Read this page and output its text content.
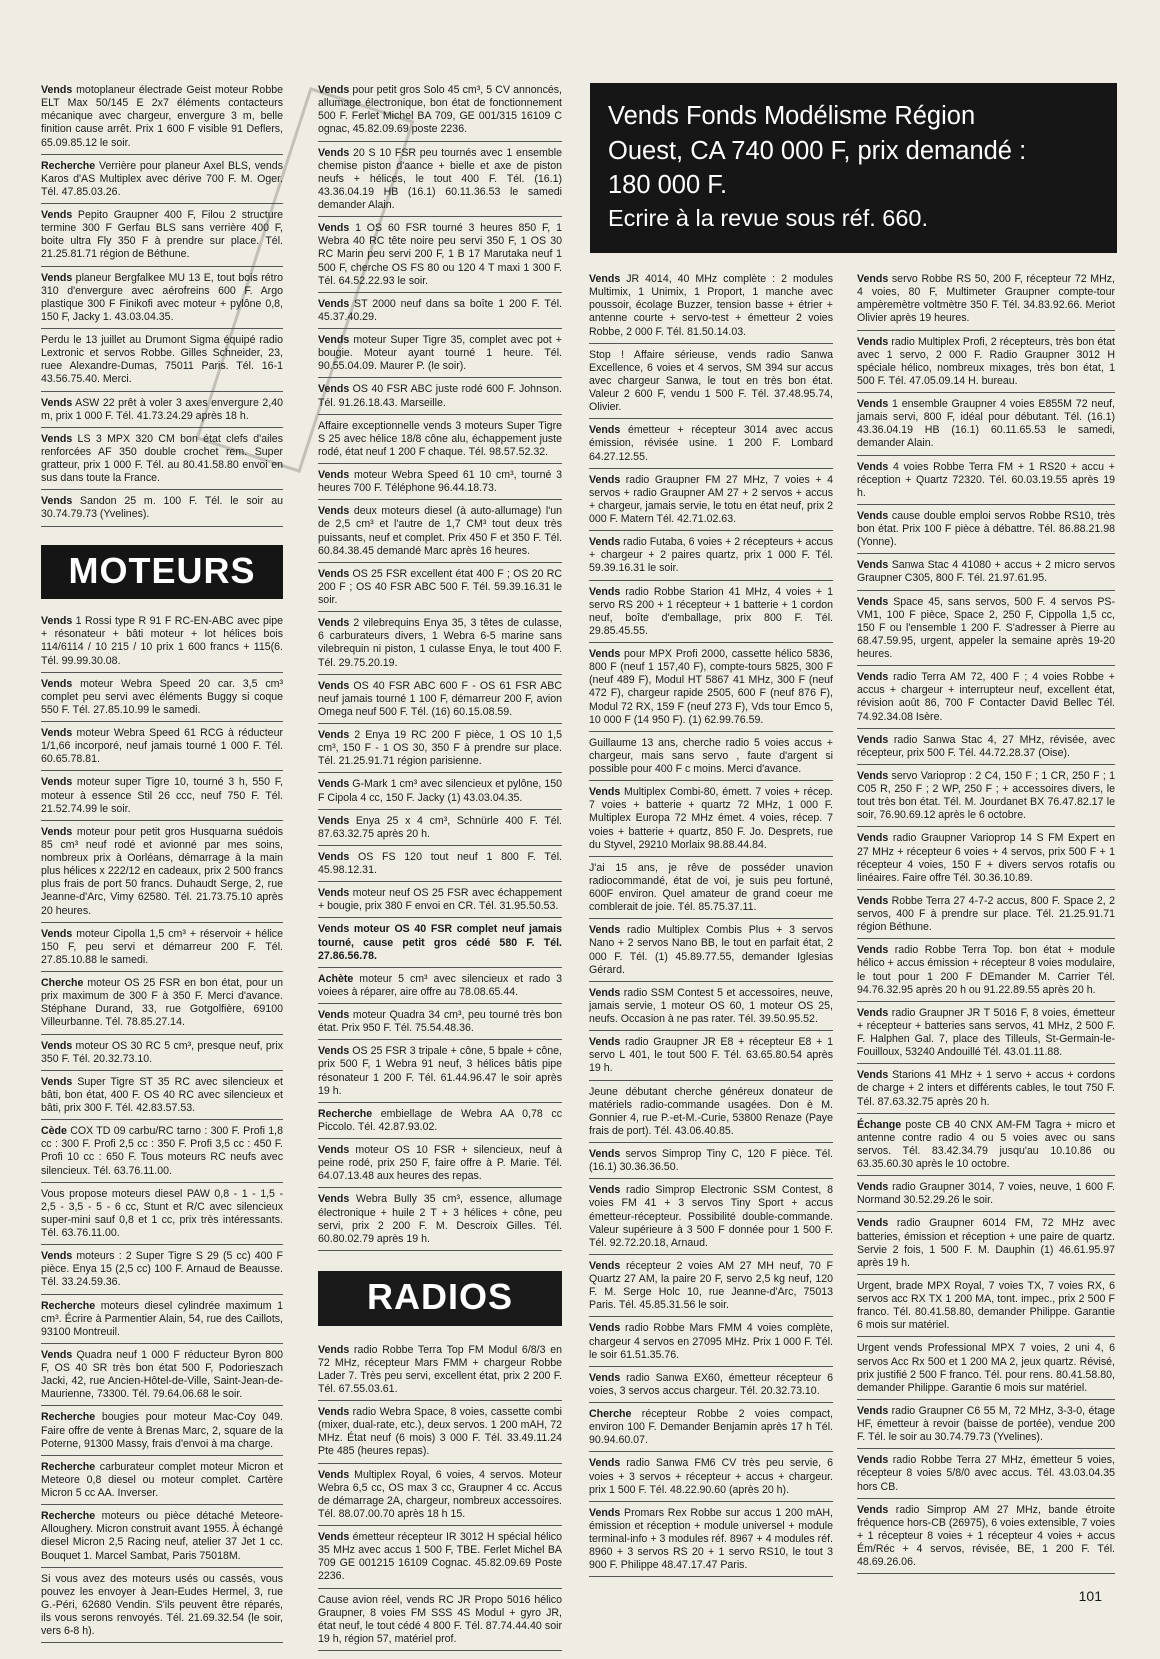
Vends motoplaneur électrade Geist moteur Robbe ELT Max 50/145 E 2x7 éléments contacteurs mécanique avec chargeur, envergure 3 m, belle finition cause arrêt. Prix 1 600 F visible 91 Deflers, 65.09.85.12 le soir.
Recherche Verrière pour planeur Axel BLS, vends Karos d'AS Multiplex avec dérive 700 F. M. Oger. Tél. 47.85.03.26.
Vends Pepito Graupner 400 F, Filou 2 structure termine 300 F Gerfau BLS sans verrière 400 F, boite ultra Fly 350 F à prendre sur place. Tél. 21.25.81.71 région de Béthune.
Vends planeur Bergfalkee MU 13 E, tout bois rétro 310 d'envergure avec aérofreins 600 F. Argo plastique 300 F Finikofi avec moteur + pylône 0,8, 150 F, Jacky 1. 43.03.04.35.
Perdu le 13 juillet au Drumont Sigma équipé radio Lextronic et servos Robbe. Gilles Schneider, 23, ruee Alexandre-Dumas, 75011 Paris. Tél. 16-1 43.56.75.40. Merci.
Vends ASW 22 prêt à voler 3 axes envergure 2,40 m, prix 1 000 F. Tél. 41.73.24.29 après 18 h.
Vends LS 3 MPX 320 CM bon état clefs d'ailes renforcées AF 350 double crochet rem. Super gratteur, prix 1 000 F. Tél. au 80.41.58.80 envoi en sus dans toute la France.
Vends Sandon 25 m. 100 F. Tél. le soir au 30.74.79.73 (Yvelines).
MOTEURS
Vends 1 Rossi type R 91 F RC-EN-ABC avec pipe + résonateur + bâti moteur + lot hélices bois 114/6114 / 10 215 / 10 prix 1 600 francs + 115(6. Tél. 99.99.30.08.
Vends moteur Webra Speed 20 car. 3,5 cm³ complet peu servi avec éléments Buggy si coque 550 F. Tél. 27.85.10.99 le samedi.
Vends moteur Webra Speed 61 RCG à réducteur 1/1,66 incorporé, neuf jamais tourné 1 000 F. Tél. 60.65.78.81.
Vends moteur super Tigre 10, tourné 3 h, 550 F, moteur à essence Stil 26 ccc, neuf 750 F. Tél. 21.52.74.99 le soir.
Vends moteur pour petit gros Husquarna suédois 85 cm³ neuf rodé et avionné par mes soins, nombreux prix à Oorléans, démarrage à la main plus hélices x 222/12 en cadeaux, prix 2 500 francs plus frais de port 50 francs. Duhaudt Serge, 2, rue Jeanne-d'Arc, Vimy 62580. Tél. 21.73.75.10 après 20 heures.
Vends moteur Cipolla 1,5 cm³ + réservoir + hélice 150 F, peu servi et démarreur 200 F. Tél. 27.85.10.88 le samedi.
Cherche moteur OS 25 FSR en bon état, pour un prix maximum de 300 F à 350 F. Merci d'avance. Stéphane Durand, 33, rue Gotgolfière, 69100 Villeurbanne. Tél. 78.85.27.14.
Vends moteur OS 30 RC 5 cm³, presque neuf, prix 350 F. Tél. 20.32.73.10.
Vends Super Tigre ST 35 RC avec silencieux et bâti, bon état, 400 F. OS 40 RC avec silencieux et bâti, prix 300 F. Tél. 42.83.57.53.
Cède COX TD 09 carbu/RC tarno : 300 F. Profi 1,8 cc : 300 F. Profi 2,5 cc : 350 F. Profi 3,5 cc : 450 F. Profi 10 cc : 650 F. Tous moteurs RC neufs avec silencieux. Tél. 63.76.11.00.
Vous propose moteurs diesel PAW 0,8 - 1 - 1,5 - 2,5 - 3,5 - 5 - 6 cc, Stunt et R/C avec silencieux super-mini sauf 0,8 et 1 cc, prix très intéressants. Tél. 63.76.11.00.
Vends moteurs : 2 Super Tigre S 29 (5 cc) 400 F pièce. Enya 15 (2,5 cc) 100 F. Arnaud de Beausse. Tél. 33.24.59.36.
Recherche moteurs diesel cylindrée maximum 1 cm³. Écrire à Parmentier Alain, 54, rue des Caillots, 93100 Montreuil.
Vends Quadra neuf 1 000 F réducteur Byron 800 F, OS 40 SR très bon état 500 F, Podorieszach Jacki, 42, rue Ancien-Hôtel-de-Ville, Saint-Jean-de-Maurienne, 73300. Tél. 79.64.06.68 le soir.
Recherche bougies pour moteur Mac-Coy 049. Faire offre de vente à Brenas Marc, 2, square de la Poterne, 91300 Massy, frais d'envoi à ma charge.
Recherche carburateur complet moteur Micron et Meteore 0,8 diesel ou moteur complet. Cartère Micron 5 cc AA. Inverser.
Recherche moteurs ou pièce détaché Meteore-Alloughery. Micron construit avant 1955. À échangé diesel Micron 2,5 Racing neuf, atelier 37 Jet 1 cc. Bouquet 1. Marcel Sambat, Paris 75018M.
Si vous avez des moteurs usés ou cassés, vous pouvez les envoyer à Jean-Eudes Hermel, 3, rue G.-Péri, 62680 Vendin. S'ils peuvent être réparés, ils vous serons renvoyés. Tél. 21.69.32.54 (le soir, vers 6-8 h).
Vends pour petit gros Solo 45 cm³, 5 CV annoncés, allumage électronique, bon état de fonctionnement 500 F. Ferlet Michel BA 709, GE 001/315 16109 C ognac, 45.82.09.69 poste 2236.
Vends 20 S 10 FSR peu tournés avec 1 ensemble chemise piston d'aance + bielle et axe de piston neufs + hélices, le tout 400 F. Tél. (16.1) 43.36.04.19 HB (16.1) 60.11.36.53 le samedi demander Alain.
Vends 1 OS 60 FSR tourné 3 heures 850 F, 1 Webra 40 RC tête noire peu servi 350 F, 1 OS 30 RC Marin peu servi 200 F, 1 B 17 Marutaka neuf 1 500 F, cherche OS FS 80 ou 120 4 T maxi 1 300 F. Tél. 64.52.22.93 le soir.
Vends ST 2000 neuf dans sa boîte 1 200 F. Tél. 45.37.40.29.
Vends moteur Super Tigre 35, complet avec pot + bougie. Moteur ayant tourné 1 heure. Tél. 90.55.04.09. Maurer P. (le soir).
Vends OS 40 FSR ABC juste rodé 600 F. Johnson. Tél. 91.26.18.43. Marseille.
Affaire exceptionnelle vends 3 moteurs Super Tigre S 25 avec hélice 18/8 cône alu, échappement juste rodé, état neuf 1 200 F chaque. Tél. 98.57.52.32.
Vends moteur Webra Speed 61 10 cm³, tourné 3 heures 700 F. Téléphone 96.44.18.73.
Vends deux moteurs diesel (à auto-allumage) l'un de 2,5 cm³ et l'autre de 1,7 CM³ tout deux très puissants, neuf et complet. Prix 450 F et 350 F. Tél. 60.84.38.45 demandé Marc après 16 heures.
Vends OS 25 FSR excellent état 400 F ; OS 20 RC 200 F ; OS 40 FSR ABC 500 F. Tél. 59.39.16.31 le soir.
Vends 2 vilebrequins Enya 35, 3 têtes de culasse, 6 carburateurs divers, 1 Webra 6-5 marine sans vilebrequin ni piston, 1 culasse Enya, le tout 400 F. Tél. 29.75.20.19.
Vends OS 40 FSR ABC 600 F - OS 61 FSR ABC neuf jamais tourné 1 100 F, démarreur 200 F, avion Omega neuf 500 F. Tél. (16) 60.15.08.59.
Vends 2 Enya 19 RC 200 F pièce, 1 OS 10 1,5 cm³, 150 F - 1 OS 30, 350 F à prendre sur place. Tél. 21.25.91.71 région parisienne.
Vends G-Mark 1 cm³ avec silencieux et pylône, 150 F Cipola 4 cc, 150 F. Jacky (1) 43.03.04.35.
Vends Enya 25 x 4 cm³, Schnürle 400 F. Tél. 87.63.32.75 après 20 h.
Vends OS FS 120 tout neuf 1 800 F. Tél. 45.98.12.31.
Vends moteur neuf OS 25 FSR avec échappement + bougie, prix 380 F envoi en CR. Tél. 31.95.50.53.
Vends moteur OS 40 FSR complet neuf jamais tourné, cause petit gros cédé 580 F. Tél. 27.86.56.78.
Achète moteur 5 cm³ avec silencieux et rado 3 voiees à réparer, aire offre au 78.08.65.44.
Vends moteur Quadra 34 cm³, peu tourné très bon état. Prix 950 F. Tél. 75.54.48.36.
Vends OS 25 FSR 3 tripale + cône, 5 bpale + cône, prix 500 F, 1 Webra 91 neuf, 3 hélices bâtis pipe résonateur 1 200 F. Tél. 61.44.96.47 le soir après 19 h.
Recherche embiellage de Webra AA 0,78 cc Piccolo. Tél. 42.87.93.02.
Vends moteur OS 10 FSR + silencieux, neuf à peine rodé, prix 250 F, faire offre à P. Marie. Tél. 64.07.13.48 aux heures des repas.
Vends Webra Bully 35 cm³, essence, allumage électronique + huile 2 T + 3 hélices + cône, peu servi, prix 2 200 F. M. Descroix Gilles. Tél. 60.80.02.79 après 19 h.
RADIOS
Vends radio Robbe Terra Top FM Modul 6/8/3 en 72 MHz, récepteur Mars FMM + chargeur Robbe Lader 7. Très peu servi, excellent état, prix 2 200 F. Tél. 67.55.03.61.
Vends radio Webra Space, 8 voies, cassette combi (mixer, dual-rate, etc.), deux servos. 1 200 mAH, 72 MHz. État neuf (6 mois) 3 000 F. Tél. 33.49.11.24 Pte 485 (heures repas).
Vends Multiplex Royal, 6 voies, 4 servos. Moteur Webra 6,5 cc, OS max 3 cc, Graupner 4 cc. Accus de démarrage 2A, chargeur, nombreux accessoires. Tél. 88.07.00.70 après 18 h 15.
Vends émetteur récepteur IR 3012 H spécial hélico 35 MHz avec accus 1 500 F, TBE. Ferlet Michel BA 709 GE 001215 16109 Cognac. 45.82.09.69 Poste 2236.
Cause avion réel, vends RC JR Propo 5016 hélico Graupner, 8 voies FM SSS 4S Modul + gyro JR, état neuf, le tout cédé 4 800 F. Tél. 87.74.44.40 soir 19 h, région 57, matériel prof.
Vends Fonds Modélisme Région
Ouest, CA 740 000 F, prix demandé :
180 000 F.
Ecrire à la revue sous réf. 660.
Vends JR 4014, 40 MHz complète : 2 modules Multimix, 1 Unimix, 1 Proport, 1 manche avec poussoir, écolage Buzzer, tension basse + étrier + antenne courte + servo-test + émetteur 2 voies Robbe, 2 000 F. Tél. 81.50.14.03.
Stop ! Affaire sérieuse, vends radio Sanwa Excellence, 6 voies et 4 servos, SM 394 sur accus avec chargeur Sanwa, le tout en très bon état. Valeur 2 600 F, vendu 1 500 F. Tél. 37.48.95.74, Olivier.
Vends émetteur + récepteur 3014 avec accus émission, révisée usine. 1 200 F. Lombard 64.27.12.55.
Vends radio Graupner FM 27 MHz, 7 voies + 4 servos + radio Graupner AM 27 + 2 servos + accus + chargeur, jamais servie, le totu en état neuf, prix 2 000 F. Matern Tél. 42.71.02.63.
Vends radio Futaba, 6 voies + 2 récepteurs + accus + chargeur + 2 paires quartz, prix 1 000 F. Tél. 59.39.16.31 le soir.
Vends radio Robbe Starion 41 MHz, 4 voies + 1 servo RS 200 + 1 récepteur + 1 batterie + 1 cordon neuf, boîte d'emballage, prix 800 F. Tél. 29.85.45.55.
Vends pour MPX Profi 2000, cassette hélico 5836, 800 F (neuf 1 157,40 F), compte-tours 5825, 300 F (neuf 489 F), Modul HT 5867 41 MHz, 300 F (neuf 472 F), chargeur rapide 2505, 600 F (neuf 876 F), Modul 72 RX, 159 F (neuf 273 F), Vds tour Emco 5, 10 000 F (14 950 F). (1) 62.99.76.59.
Guillaume 13 ans, cherche radio 5 voies accus + chargeur, mais sans servo , faute d'argent si possible pour 400 F c moins. Merci d'avance.
Vends Multiplex Combi-80, émett. 7 voies + récep. 7 voies + batterie + quartz 72 MHz, 1 000 F. Multiplex Europa 72 MHz émet. 4 voies, récep. 7 voies + batterie + quartz, 850 F. Jo. Desprets, rue du Styvel, 29210 Morlaix 98.88.44.84.
J'ai 15 ans, je rêve de posséder unavion radiocommandé, état de voi, je suis peu fortuné, 600F environ. Quel amateur de grand coeur me comblerait de joie. Tél. 85.75.37.11.
Vends radio Multiplex Combis Plus + 3 servos Nano + 2 servos Nano BB, le tout en parfait état, 2 000 F. Tél. (1) 45.89.77.55, demander Iglesias Gérard.
Vends radio SSM Contest 5 et accessoires, neuve, jamais servie, 1 moteur OS 60, 1 moteur OS 25, neufs. Occasion à ne pas rater. Tél. 39.50.95.52.
Vends radio Graupner JR E8 + récepteur E8 + 1 servo L 401, le tout 500 F. Tél. 63.65.80.54 après 19 h.
Jeune débutant cherche généreux donateur de matériels radio-commande usagées. Don è M. Gonnier 4, rue P.-et-M.-Curie, 53800 Renaze (Paye frais de port). Tél. 43.06.40.85.
Vends servos Simprop Tiny C, 120 F pièce. Tél. (16.1) 30.36.36.50.
Vends radio Simprop Electronic SSM Contest, 8 voies FM 41 + 3 servos Tiny Sport + accus émetteur-récepteur. Possibilité double-commande. Valeur supérieure à 3 500 F donnée pour 1 500 F. Tél. 92.72.20.18, Arnaud.
Vends récepteur 2 voies AM 27 MH neuf, 70 F Quartz 27 AM, la paire 20 F, servo 2,5 kg neuf, 120 F. M. Serge Holc 10, rue Jeanne-d'Arc, 75013 Paris. Tél. 45.85.31.56 le soir.
Vends radio Robbe Mars FMM 4 voies complète, chargeur 4 servos en 27095 MHz. Prix 1 000 F. Tél. le soir 61.51.35.76.
Vends radio Sanwa EX60, émetteur récepteur 6 voies, 3 servos accus chargeur. Tél. 20.32.73.10.
Cherche récepteur Robbe 2 voies compact, environ 100 F. Demander Benjamin après 17 h Tél. 90.94.60.07.
Vends radio Sanwa FM6 CV très peu servie, 6 voies + 3 servos + récepteur + accus + chargeur. prix 1 500 F. Tél. 48.22.90.60 (après 20 h).
Vends Promars Rex Robbe sur accus 1 200 mAH, émission et réception + module universel + module terminal-info + 3 modules réf. 8967 + 4 modules réf. 8960 + 3 servos RS 20 + 1 servo RS10, le tout 3 900 F. Philippe 48.47.17.47 Paris.
Vends servo Robbe RS 50, 200 F, récepteur 72 MHz, 4 voies, 80 F, Multimeter Graupner compte-tour ampèremètre voltmètre 350 F. Tél. 34.83.92.66. Meriot Olivier après 19 heures.
Vends radio Multiplex Profi, 2 récepteurs, très bon état avec 1 servo, 2 000 F. Radio Graupner 3012 H spéciale hélico, nombreux mixages, très bon état, 1 500 F. Tél. 47.05.09.14 H. bureau.
Vends 1 ensemble Graupner 4 voies E855M 72 neuf, jamais servi, 800 F, idéal pour débutant. Tél. (16.1) 43.36.04.19 HB (16.1) 60.11.65.53 le samedi, demander Alain.
Vends 4 voies Robbe Terra FM + 1 RS20 + accu + réception + Quartz 72320. Tél. 60.03.19.55 après 19 h.
Vends cause double emploi servos Robbe RS10, très bon état. Prix 100 F pièce à débattre. Tél. 86.88.21.98 (Yonne).
Vends Sanwa Stac 4 41080 + accus + 2 micro servos Graupner C305, 800 F. Tél. 21.97.61.95.
Vends Space 45, sans servos, 500 F. 4 servos PS-VM1, 100 F pièce, Space 2, 250 F, Cippolla 1,5 cc, 150 F ou l'ensemble 1 200 F. S'adresser à Pierre au 68.47.59.95, urgent, appeler la semaine après 19-20 heures.
Vends radio Terra AM 72, 400 F ; 4 voies Robbe + accus + chargeur + interrupteur neuf, excellent état, révision août 86, 700 F Contacter David Bellec Tél. 74.92.34.08 Isère.
Vends radio Sanwa Stac 4, 27 MHz, révisée, avec récepteur, prix 500 F. Tél. 44.72.28.37 (Oise).
Vends servo Varioprop : 2 C4, 150 F ; 1 CR, 250 F ; 1 C05 R, 250 F ; 2 WP, 250 F ; + accessoires divers, le tout très bon état. Tél. M. Jourdanet BX 76.47.82.17 le soir, 76.90.69.12 après le 6 octobre.
Vends radio Graupner Varioprop 14 S FM Expert en 27 MHz + récepteur 6 voies + 4 servos, prix 500 F + 1 récepteur 4 voies, 150 F + divers servos rotafis ou linéaires. Faire offre Tél. 30.36.10.89.
Vends Robbe Terra 27 4-7-2 accus, 800 F. Space 2, 2 servos, 400 F à prendre sur place. Tél. 21.25.91.71 région Béthune.
Vends radio Robbe Terra Top. bon état + module hélico + accus émission + récepteur 8 voies modulaire, le tout pour 1 200 F DEmander M. Carrier Tél. 94.76.32.95 après 20 h ou 91.22.89.55 après 20 h.
Vends radio Graupner JR T 5016 F, 8 voies, émetteur + récepteur + batteries sans servos, 41 MHz, 2 500 F. F. Halphen Gal. 7, place des Tilleuls, St-Germain-le-Fouilloux, 53240 Andouillé Tél. 43.01.11.88.
Vends Starions 41 MHz + 1 servo + accus + cordons de charge + 2 inters et différents cables, le tout 750 F. Tél. 87.63.32.75 après 20 h.
Échange poste CB 40 CNX AM-FM Tagra + micro et antenne contre radio 4 ou 5 voies avec ou sans servos. Tél. 83.42.34.79 jusqu'au 10.10.86 ou 63.35.60.30 après le 10 octobre.
Vends radio Graupner 3014, 7 voies, neuve, 1 600 F. Normand 30.52.29.26 le soir.
Vends radio Graupner 6014 FM, 72 MHz avec batteries, émission et réception + une paire de quartz. Servie 2 fois, 1 500 F. M. Dauphin (1) 46.61.95.97 après 19 h.
Urgent, brade MPX Royal, 7 voies TX, 7 voies RX, 6 servos acc RX TX 1 200 MA, tont. impec., prix 2 500 F franco. Tél. 80.41.58.80, demander Philippe. Garantie 6 mois sur matériel.
Urgent vends Professional MPX 7 voies, 2 uni 4, 6 servos Acc Rx 500 et 1 200 MA 2, jeux quartz. Révisé, prix justifié 2 500 F franco. Tél. pour rens. 80.41.58.80, demander Philippe. Garantie 6 mois sur matériel.
Vends radio Graupner C6 55 M, 72 MHz, 3-3-0, étage HF, émetteur à revoir (baisse de portée), vendue 200 F. Tél. le soir au 30.74.79.73 (Yvelines).
Vends radio Robbe Terra 27 MHz, émetteur 5 voies, récepteur 8 voies 5/8/0 avec accus. Tél. 43.03.04.35 hors CB.
Vends radio Simprop AM 27 MHz, bande étroite fréquence hors-CB (26975), 6 voies extensible, 7 voies + 1 récepteur 8 voies + 1 récepteur 4 voies + accus Ém/Réc + 4 servos, révisée, BE, 1 200 F. Tél. 48.69.26.06.
101
